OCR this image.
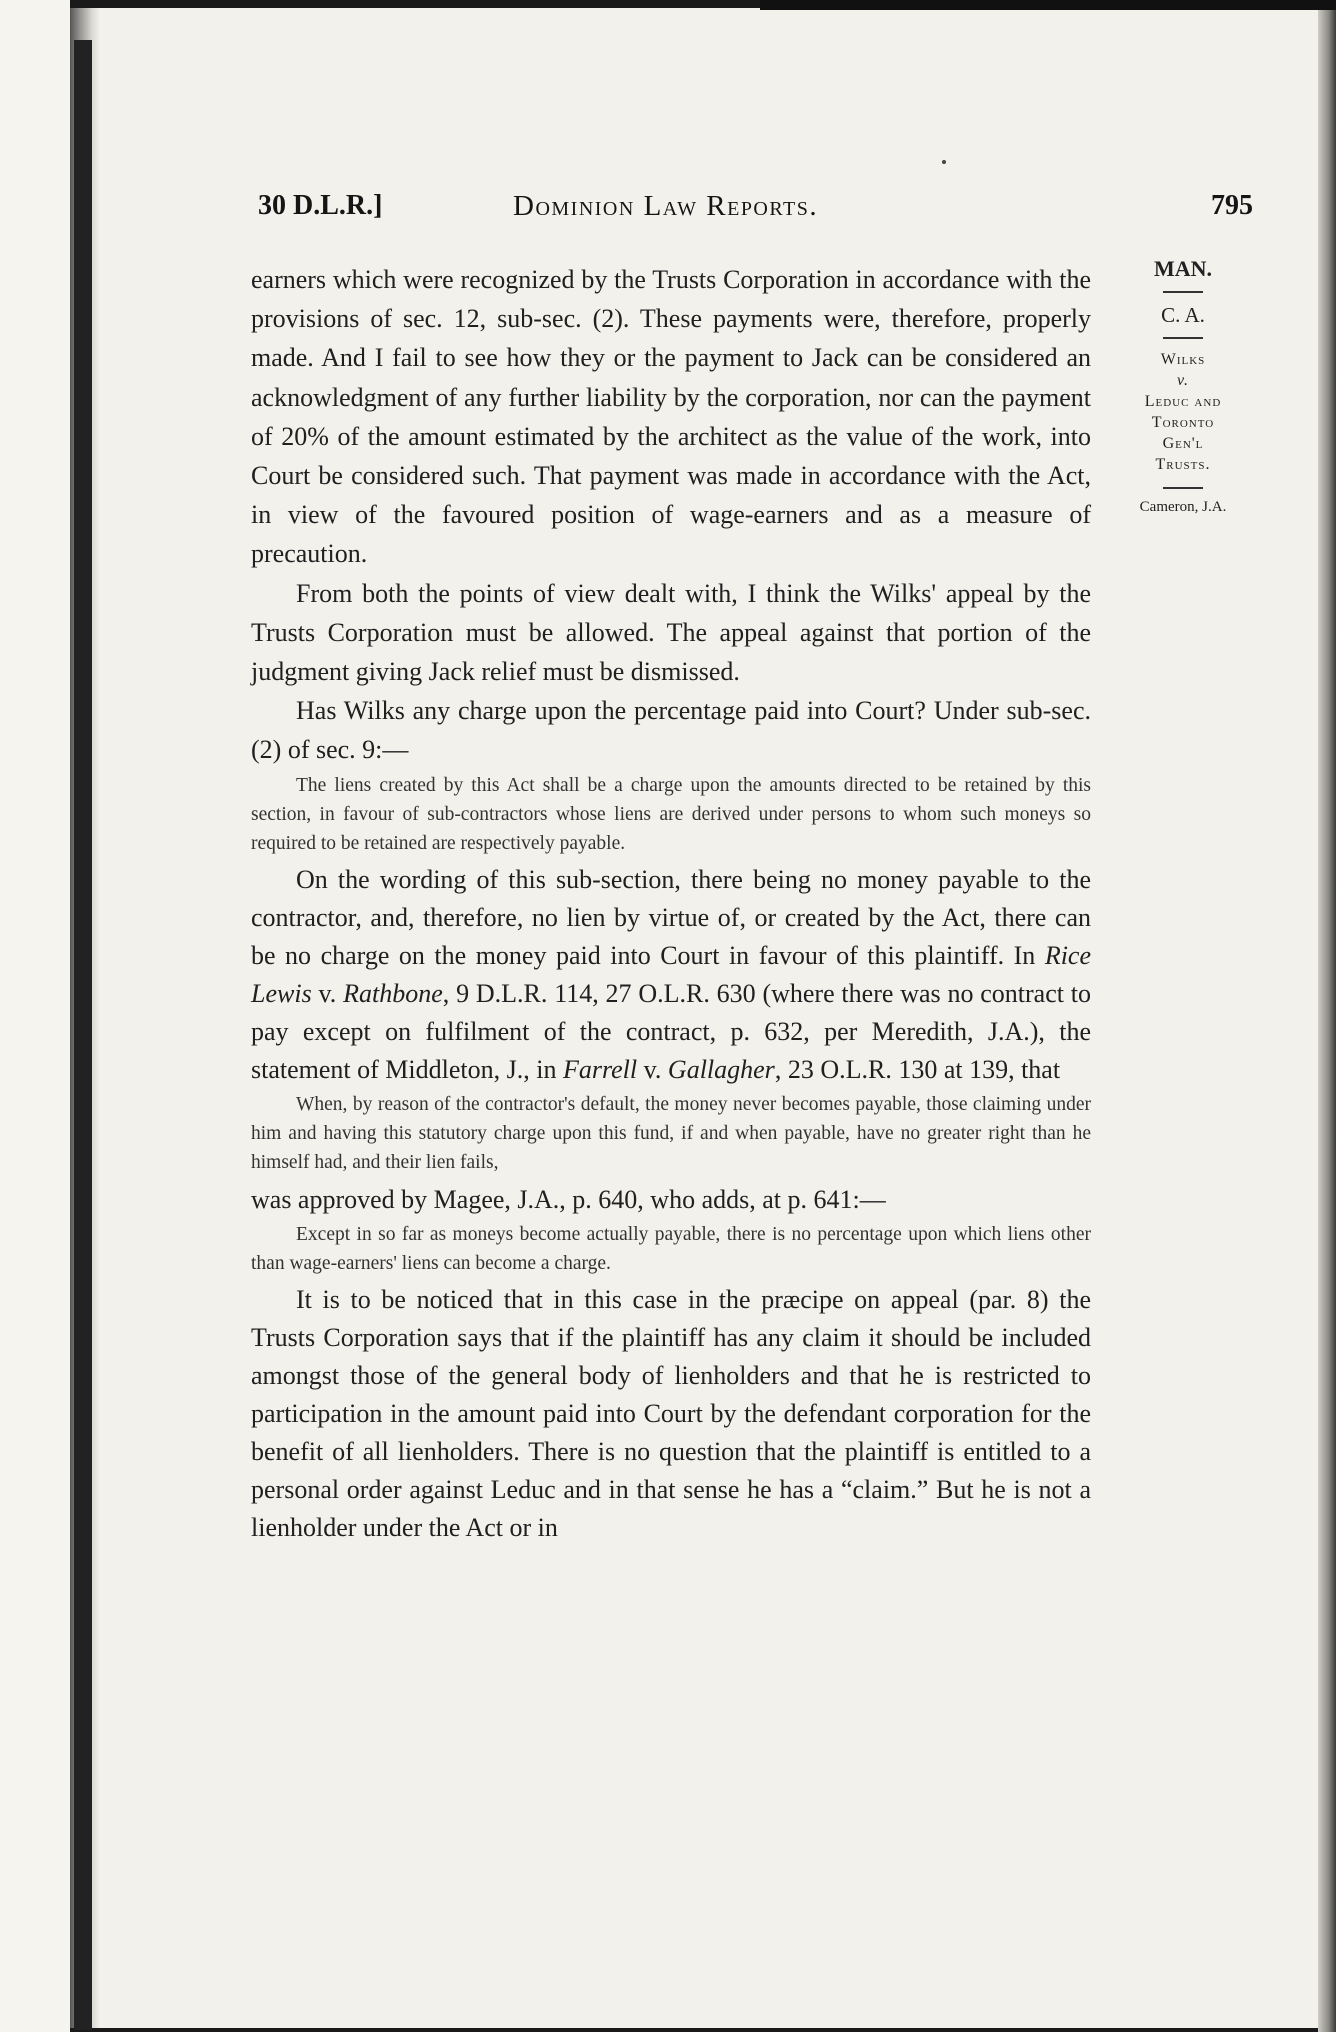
30 D.L.R.]	Dominion Law Reports.	795

MAN.

C. A.

Wilks

v.

Leduc and

Toronto

Gen'l

Trusts.

Cameron, J.A.

earners which were recognized by the Trusts Corporation in accordance with the provisions of sec. 12, sub-sec. (2). These payments were, therefore, properly made. And I fail to see how they or the payment to Jack can be considered an acknowledgment of any further liability by the corporation, nor can the payment of 20% of the amount estimated by the architect as the value of the work, into Court be considered such. That payment was made in accordance with the Act, in view of the favoured position of wage-earners and as a measure of precaution.

From both the points of view dealt with, I think the Wilks' appeal by the Trusts Corporation must be allowed. The appeal against that portion of the judgment giving Jack relief must be dismissed.

Has Wilks any charge upon the percentage paid into Court? Under sub-sec. (2) of sec. 9:—

The liens created by this Act shall be a charge upon the amounts directed to be retained by this section, in favour of sub-contractors whose liens are derived under persons to whom such moneys so required to be retained are respectively payable.

On the wording of this sub-section, there being no money payable to the contractor, and, therefore, no lien by virtue of, or created by the Act, there can be no charge on the money paid into Court in favour of this plaintiff. In Rice Lewis v. Rathbone, 9 D.L.R. 114, 27 O.L.R. 630 (where there was no contract to pay except on fulfilment of the contract, p. 632, per Meredith, J.A.), the statement of Middleton, J., in Farrell v. Gallagher, 23 O.L.R. 130 at 139, that

When, by reason of the contractor's default, the money never becomes payable, those claiming under him and having this statutory charge upon this fund, if and when payable, have no greater right than he himself had, and their lien fails,

was approved by Magee, J.A., p. 640, who adds, at p. 641:—

Except in so far as moneys become actually payable, there is no percentage upon which liens other than wage-earners' liens can become a charge.

It is to be noticed that in this case in the præcipe on appeal (par. 8) the Trusts Corporation says that if the plaintiff has any claim it should be included amongst those of the general body of lienholders and that he is restricted to participation in the amount paid into Court by the defendant corporation for the benefit of all lienholders. There is no question that the plaintiff is entitled to a personal order against Leduc and in that sense he has a “claim.” But he is not a lienholder under the Act or in
